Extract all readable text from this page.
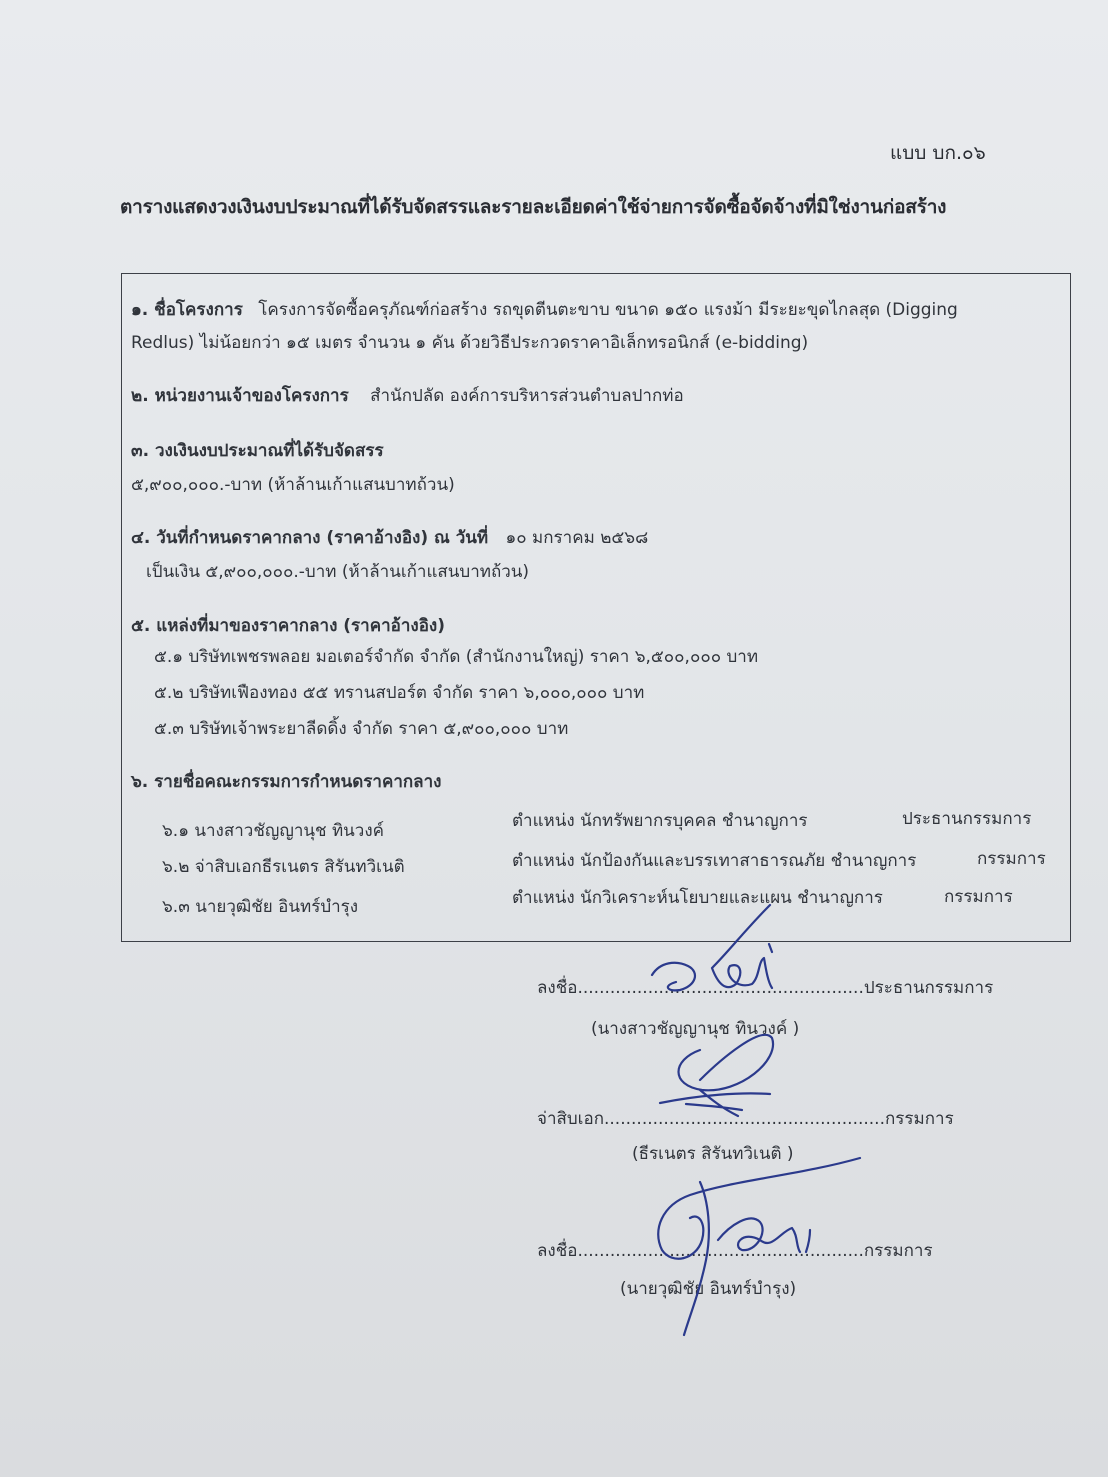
แบบ บก.๐๖
ตารางแสดงวงเงินงบประมาณที่ได้รับจัดสรรและรายละเอียดค่าใช้จ่ายการจัดซื้อจัดจ้างที่มิใช่งานก่อสร้าง
๑. ชื่อโครงการ โครงการจัดซื้อครุภัณฑ์ก่อสร้าง รถขุดตีนตะขาบ ขนาด ๑๕๐ แรงม้า มีระยะขุดไกลสุด (Digging
Redlus) ไม่น้อยกว่า ๑๕ เมตร จำนวน ๑ คัน ด้วยวิธีประกวดราคาอิเล็กทรอนิกส์ (e-bidding)
๒. หน่วยงานเจ้าของโครงการ สำนักปลัด องค์การบริหารส่วนตำบลปากท่อ
๓. วงเงินงบประมาณที่ได้รับจัดสรร
๕,๙๐๐,๐๐๐.-บาท (ห้าล้านเก้าแสนบาทถ้วน)
๔. วันที่กำหนดราคากลาง (ราคาอ้างอิง) ณ วันที่ ๑๐ มกราคม ๒๕๖๘
เป็นเงิน ๕,๙๐๐,๐๐๐.-บาท (ห้าล้านเก้าแสนบาทถ้วน)
๕. แหล่งที่มาของราคากลาง (ราคาอ้างอิง)
๕.๑ บริษัทเพชรพลอย มอเตอร์จำกัด จำกัด (สำนักงานใหญ่) ราคา ๖,๕๐๐,๐๐๐ บาท
๕.๒ บริษัทเฟืองทอง ๕๕ ทรานสปอร์ต จำกัด ราคา ๖,๐๐๐,๐๐๐ บาท
๕.๓ บริษัทเจ้าพระยาลีดดิ้ง จำกัด ราคา ๕,๙๐๐,๐๐๐ บาท
๖. รายชื่อคณะกรรมการกำหนดราคากลาง
๖.๑ นางสาวชัญญานุช ทินวงค์	ตำแหน่ง นักทรัพยากรบุคคล ชำนาญการ	ประธานกรรมการ
๖.๒ จ่าสิบเอกธีรเนตร สิรันทวิเนติ	ตำแหน่ง นักป้องกันและบรรเทาสาธารณภัย ชำนาญการ	กรรมการ
๖.๓ นายวุฒิชัย อินทร์บำรุง	ตำแหน่ง นักวิเคราะห์นโยบายและแผน ชำนาญการ	กรรมการ
ลงชื่อ.....................................................ประธานกรรมการ
(นางสาวชัญญานุช ทินวงค์ )
จ่าสิบเอก....................................................กรรมการ
(ธีรเนตร สิรันทวิเนติ )
ลงชื่อ.....................................................กรรมการ
(นายวุฒิชัย อินทร์บำรุง)
